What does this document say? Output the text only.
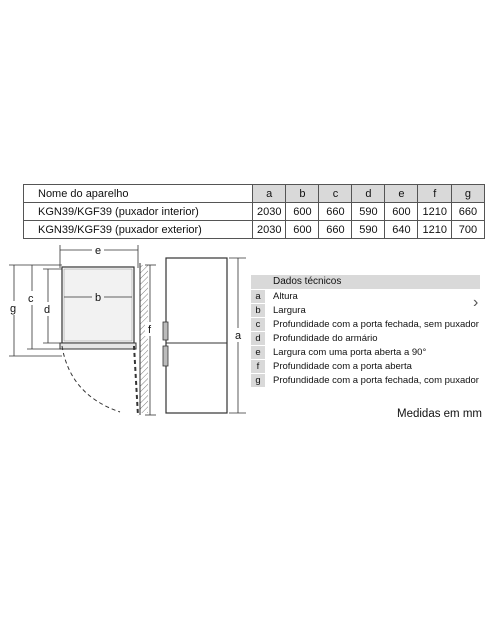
Nome do aparelho	a	b	c	d	e	f	g
KGN39/KGF39 (puxador interior)	2030	600	660	590	600	1210	660
KGN39/KGF39 (puxador exterior)	2030	600	660	590	640	1210	700
e
b
g
c
d
f	a
Dados técnicos
a	Altura
b	Largura
c	Profundidade com a porta fechada, sem puxador
d	Profundidade do armário
e	Largura com uma porta aberta a 90°
f	Profundidade com a porta aberta
g	Profundidade com a porta fechada, com puxador
›
Medidas em mm
